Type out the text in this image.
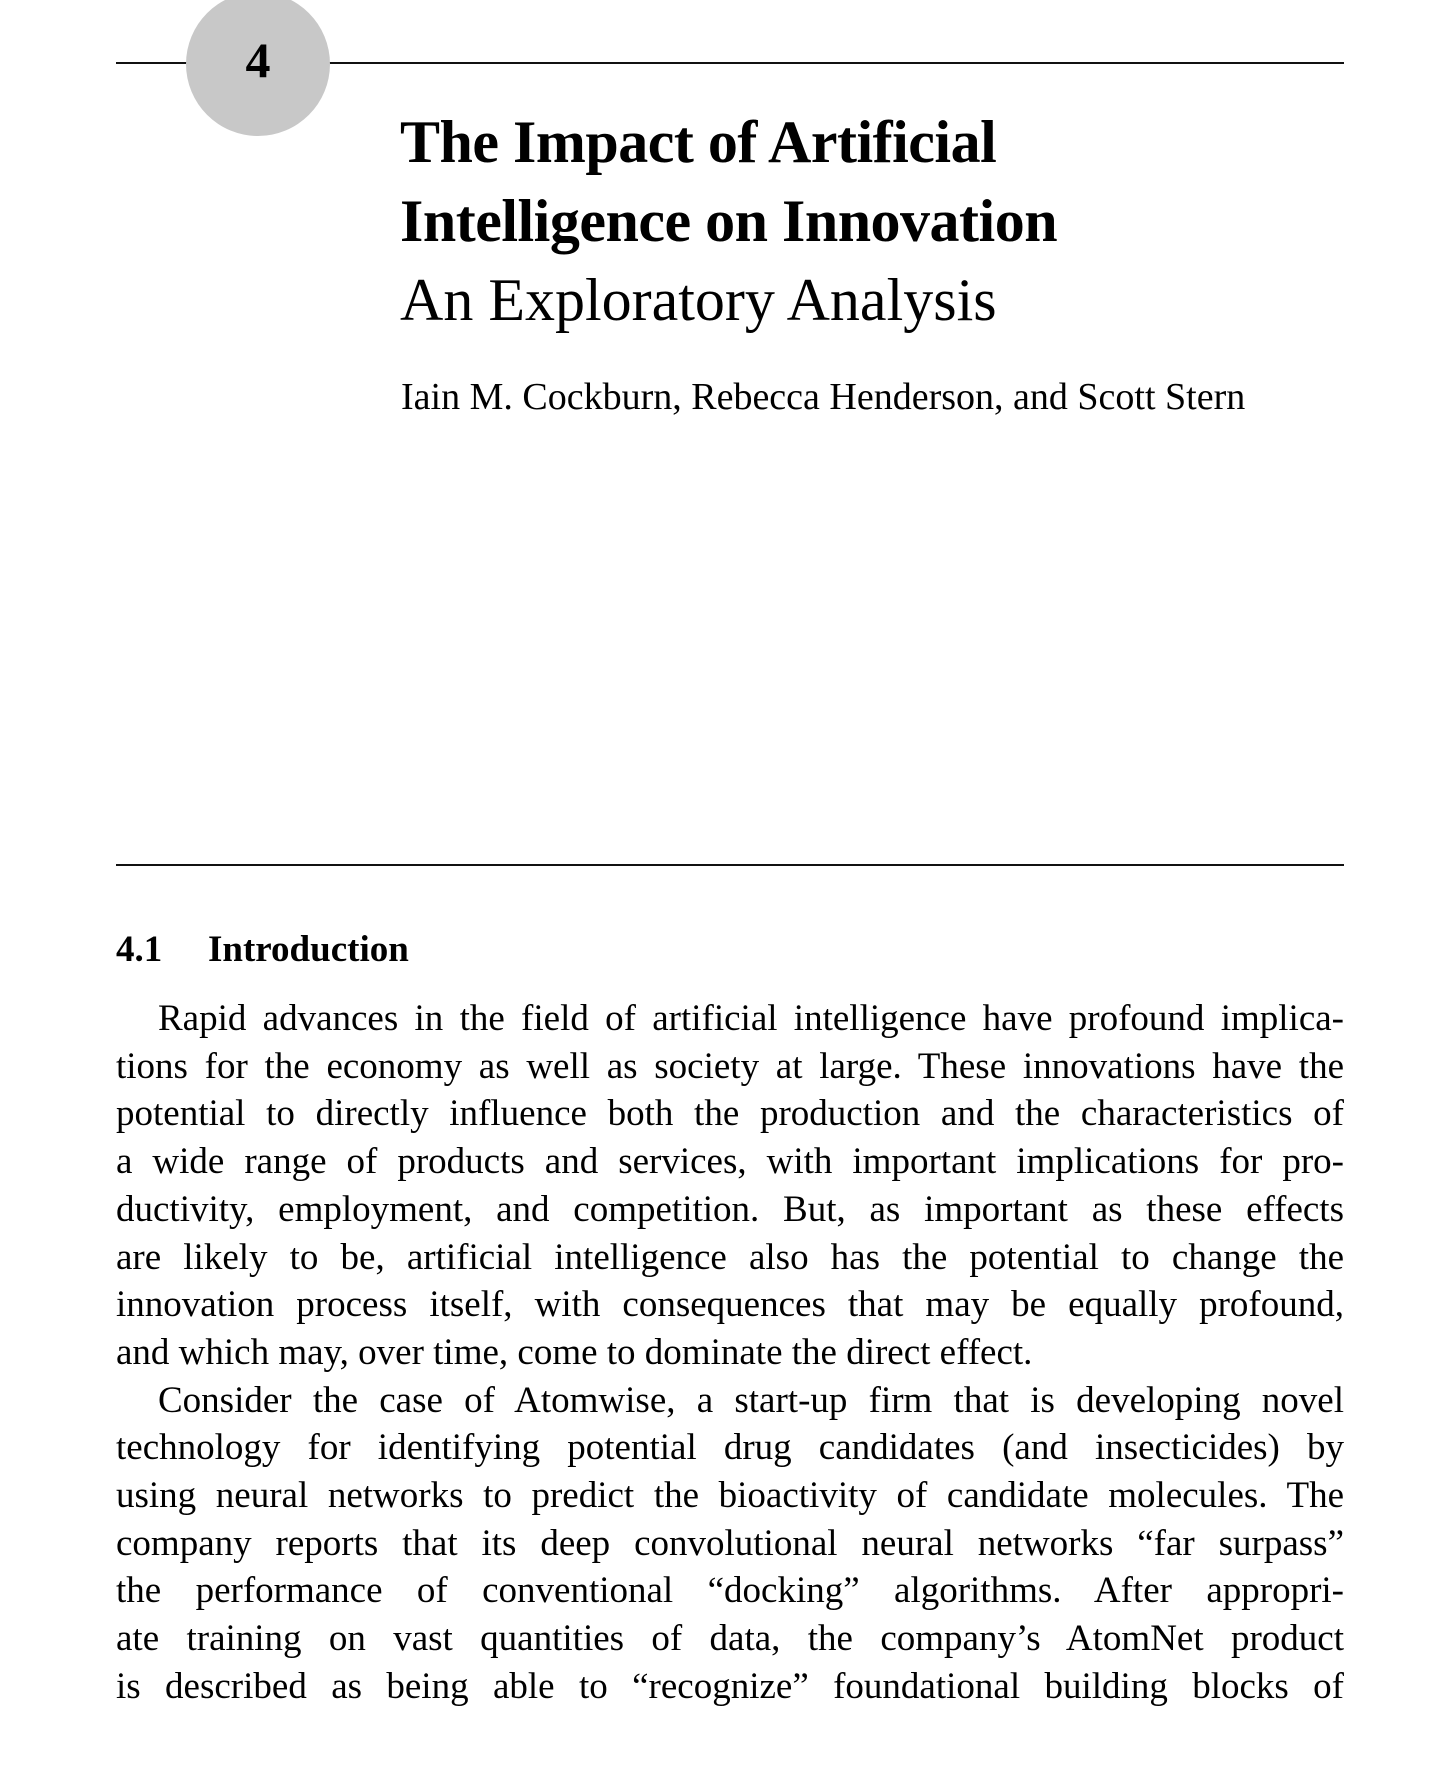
4
The Impact of Artificial
Intelligence on Innovation
An Exploratory Analysis
Iain M. Cockburn, Rebecca Henderson, and Scott Stern
4.1 Introduction
Rapid advances in the field of artificial intelligence have profound implica-
tions for the economy as well as society at large. These innovations have the
potential to directly influence both the production and the characteristics of
a wide range of products and services, with important implications for pro-
ductivity, employment, and competition. But, as important as these effects
are likely to be, artificial intelligence also has the potential to change the
innovation process itself, with consequences that may be equally profound,
and which may, over time, come to dominate the direct effect.
Consider the case of Atomwise, a start-up firm that is developing novel
technology for identifying potential drug candidates (and insecticides) by
using neural networks to predict the bioactivity of candidate molecules. The
company reports that its deep convolutional neural networks “far surpass”
the performance of conventional “docking” algorithms. After appropri-
ate training on vast quantities of data, the company’s AtomNet product
is described as being able to “recognize” foundational building blocks of
